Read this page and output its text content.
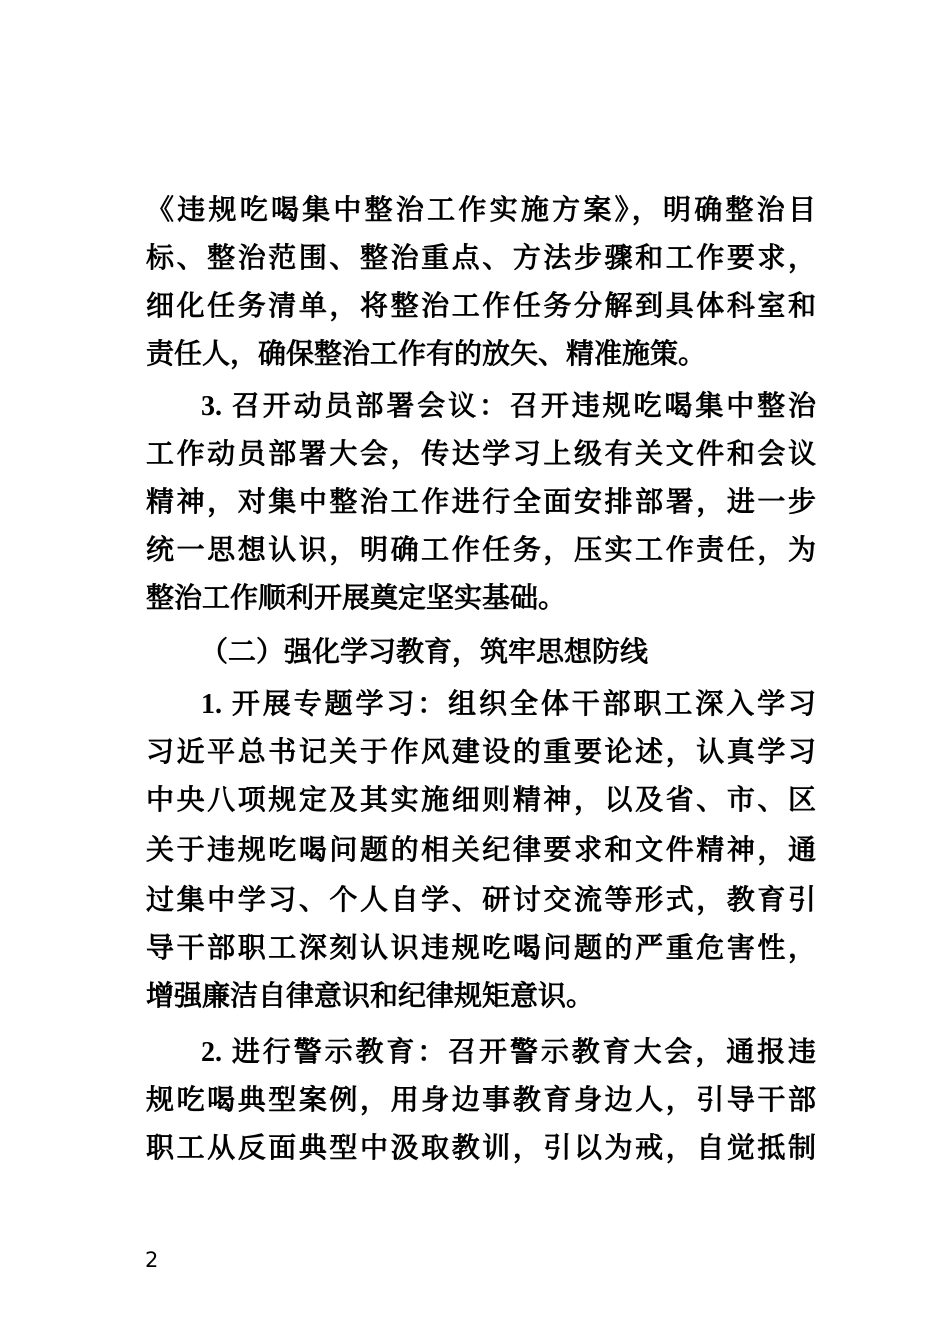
《违规吃喝集中整治工作实施方案》，明确整治目
标、整治范围、整治重点、方法步骤和工作要求，
细化任务清单，将整治工作任务分解到具体科室和
责任人，确保整治工作有的放矢、精准施策。
3. 召开动员部署会议：召开违规吃喝集中整治
工作动员部署大会，传达学习上级有关文件和会议
精神，对集中整治工作进行全面安排部署，进一步
统一思想认识，明确工作任务，压实工作责任，为
整治工作顺利开展奠定坚实基础。
（二）强化学习教育，筑牢思想防线
1. 开展专题学习：组织全体干部职工深入学习
习近平总书记关于作风建设的重要论述，认真学习
中央八项规定及其实施细则精神，以及省、市、区
关于违规吃喝问题的相关纪律要求和文件精神，通
过集中学习、个人自学、研讨交流等形式，教育引
导干部职工深刻认识违规吃喝问题的严重危害性，
增强廉洁自律意识和纪律规矩意识。
2. 进行警示教育：召开警示教育大会，通报违
规吃喝典型案例，用身边事教育身边人，引导干部
职工从反面典型中汲取教训，引以为戒，自觉抵制
2
